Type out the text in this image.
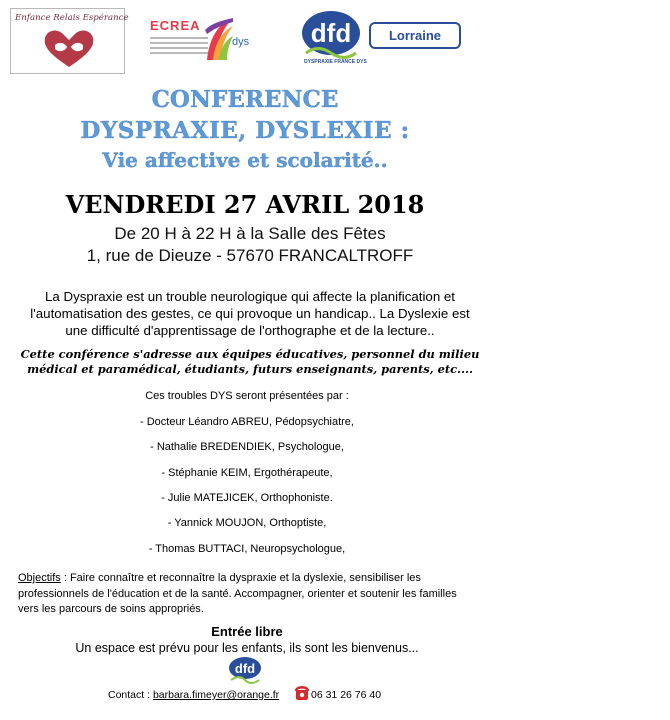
Enfance Relais Espérance ECREA
dys dfd
DYSPRAXIE FRANCE DYS
Lorraine
CONFERENCE
DYSPRAXIE, DYSLEXIE :
Vie affective et scolarité..
VENDREDI 27 AVRIL 2018
De 20 H à 22 H à la Salle des Fêtes
1, rue de Dieuze - 57670 FRANCALTROFF
La Dyspraxie est un trouble neurologique qui affecte la planification et l'automatisation des gestes, ce qui provoque un handicap.. La Dyslexie est une difficulté d'apprentissage de l'orthographe et de la lecture..
Cette conférence s'adresse aux équipes éducatives, personnel du milieu médical et paramédical, étudiants, futurs enseignants, parents, etc....
Ces troubles DYS seront présentées par :
- Docteur Léandro ABREU, Pédopsychiatre,
- Nathalie BREDENDIEK, Psychologue,
- Stéphanie KEIM, Ergothérapeute,
- Julie MATEJICEK, Orthophoniste.
- Yannick MOUJON, Orthoptiste,
- Thomas BUTTACI, Neuropsychologue,
Objectifs : Faire connaître et reconnaître la dyspraxie et la dyslexie, sensibiliser les professionnels de l'éducation et de la santé. Accompagner, orienter et soutenir les familles vers les parcours de soins appropriés.
Entrée libre
Un espace est prévu pour les enfants, ils sont les bienvenus...
dfd
Contact : barbara.fimeyer@orange.fr	06 31 26 76 40
